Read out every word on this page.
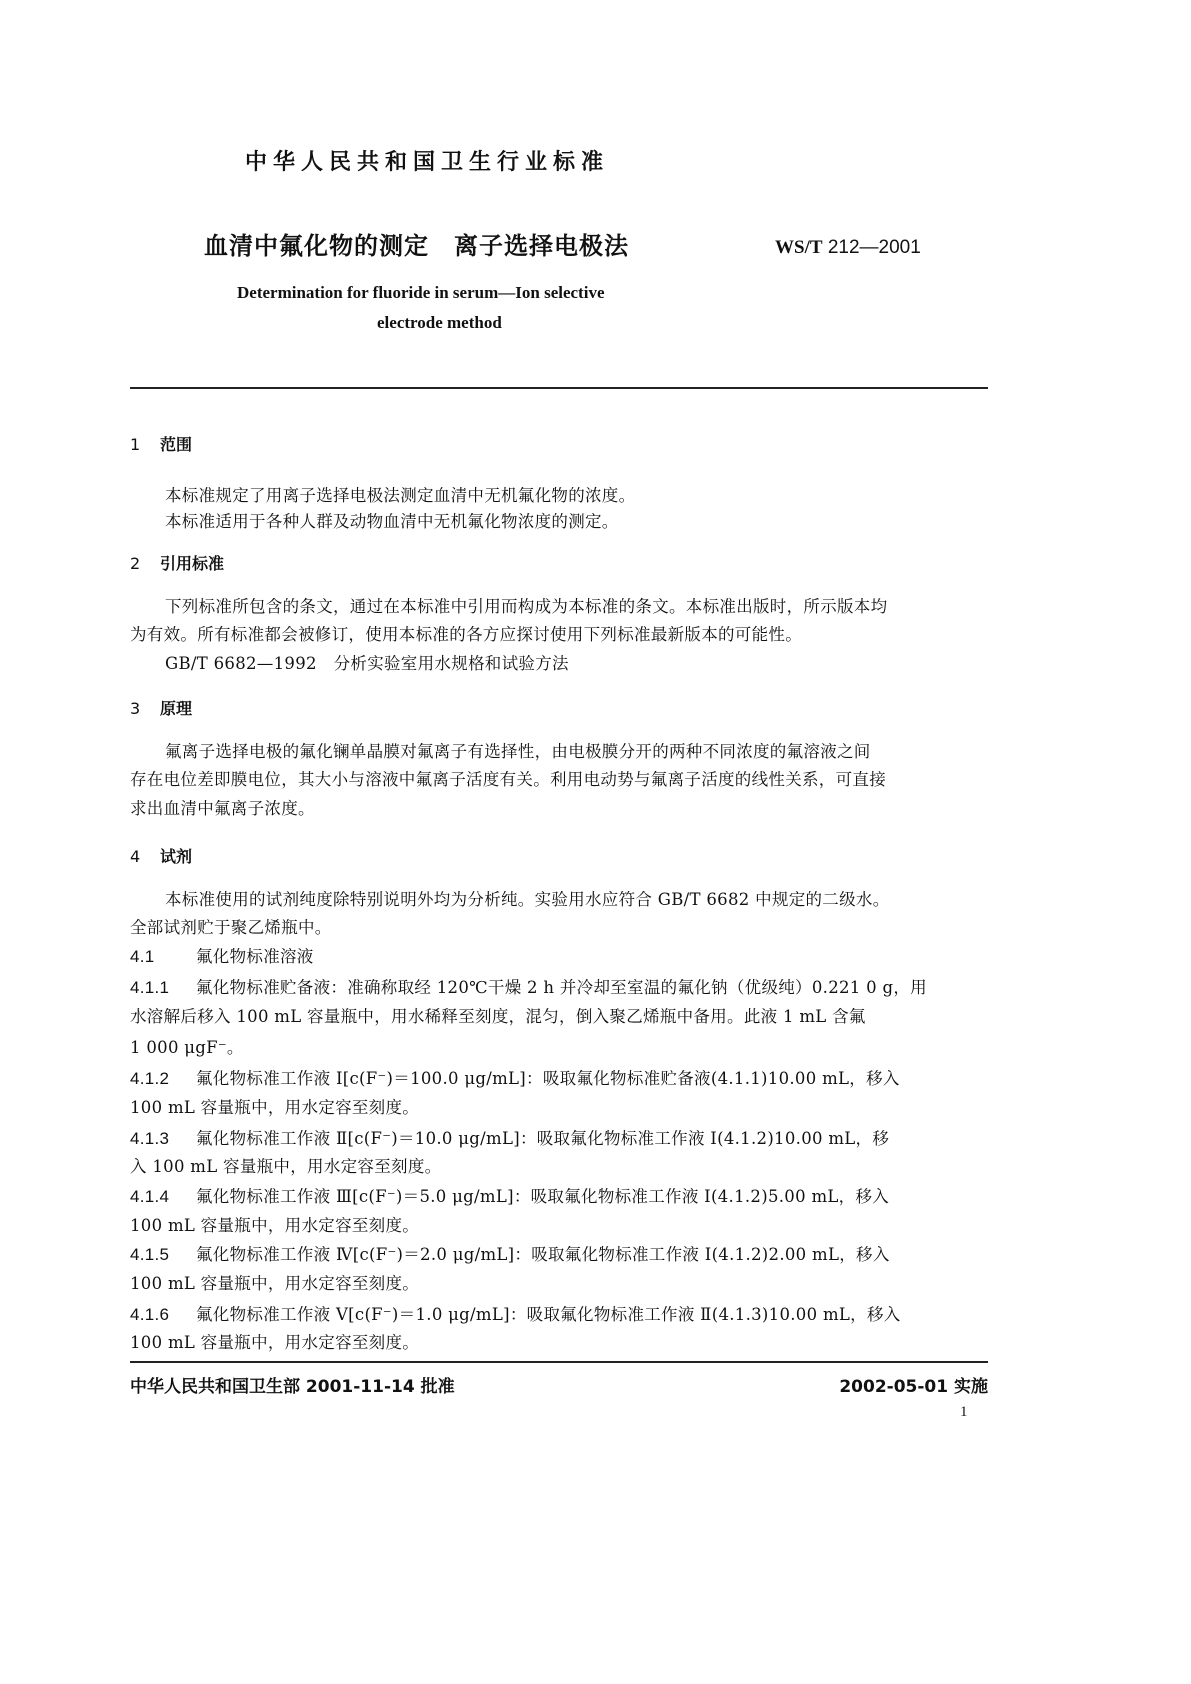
中华人民共和国卫生行业标准
血清中氟化物的测定　离子选择电极法	WS/T 212—2001
Determination for fluoride in serum—Ion selective
electrode method
1 范围
本标准规定了用离子选择电极法测定血清中无机氟化物的浓度。
本标准适用于各种人群及动物血清中无机氟化物浓度的测定。
2 引用标准
下列标准所包含的条文，通过在本标准中引用而构成为本标准的条文。本标准出版时，所示版本均
为有效。所有标准都会被修订，使用本标准的各方应探讨使用下列标准最新版本的可能性。
GB/T 6682—1992　分析实验室用水规格和试验方法
3 原理
氟离子选择电极的氟化镧单晶膜对氟离子有选择性，由电极膜分开的两种不同浓度的氟溶液之间
存在电位差即膜电位，其大小与溶液中氟离子活度有关。利用电动势与氟离子活度的线性关系，可直接
求出血清中氟离子浓度。
4 试剂
本标准使用的试剂纯度除特别说明外均为分析纯。实验用水应符合 GB/T 6682 中规定的二级水。
全部试剂贮于聚乙烯瓶中。
4.1	氟化物标准溶液
4.1.1 氟化物标准贮备液：准确称取经 120℃干燥 2 h 并冷却至室温的氟化钠（优级纯）0.221 0 g，用
水溶解后移入 100 mL 容量瓶中，用水稀释至刻度，混匀，倒入聚乙烯瓶中备用。此液 1 mL 含氟
1 000 μgF⁻。
4.1.2 氟化物标准工作液 Ⅰ[c(F⁻)＝100.0 μg/mL]：吸取氟化物标准贮备液(4.1.1)10.00 mL，移入
100 mL 容量瓶中，用水定容至刻度。
4.1.3 氟化物标准工作液 Ⅱ[c(F⁻)＝10.0 μg/mL]：吸取氟化物标准工作液 Ⅰ(4.1.2)10.00 mL，移
入 100 mL 容量瓶中，用水定容至刻度。
4.1.4 氟化物标准工作液 Ⅲ[c(F⁻)＝5.0 μg/mL]：吸取氟化物标准工作液 Ⅰ(4.1.2)5.00 mL，移入
100 mL 容量瓶中，用水定容至刻度。
4.1.5 氟化物标准工作液 Ⅳ[c(F⁻)＝2.0 μg/mL]：吸取氟化物标准工作液 Ⅰ(4.1.2)2.00 mL，移入
100 mL 容量瓶中，用水定容至刻度。
4.1.6 氟化物标准工作液 Ⅴ[c(F⁻)＝1.0 μg/mL]：吸取氟化物标准工作液 Ⅱ(4.1.3)10.00 mL，移入
100 mL 容量瓶中，用水定容至刻度。
中华人民共和国卫生部 2001-11-14 批准	2002-05-01 实施
1
